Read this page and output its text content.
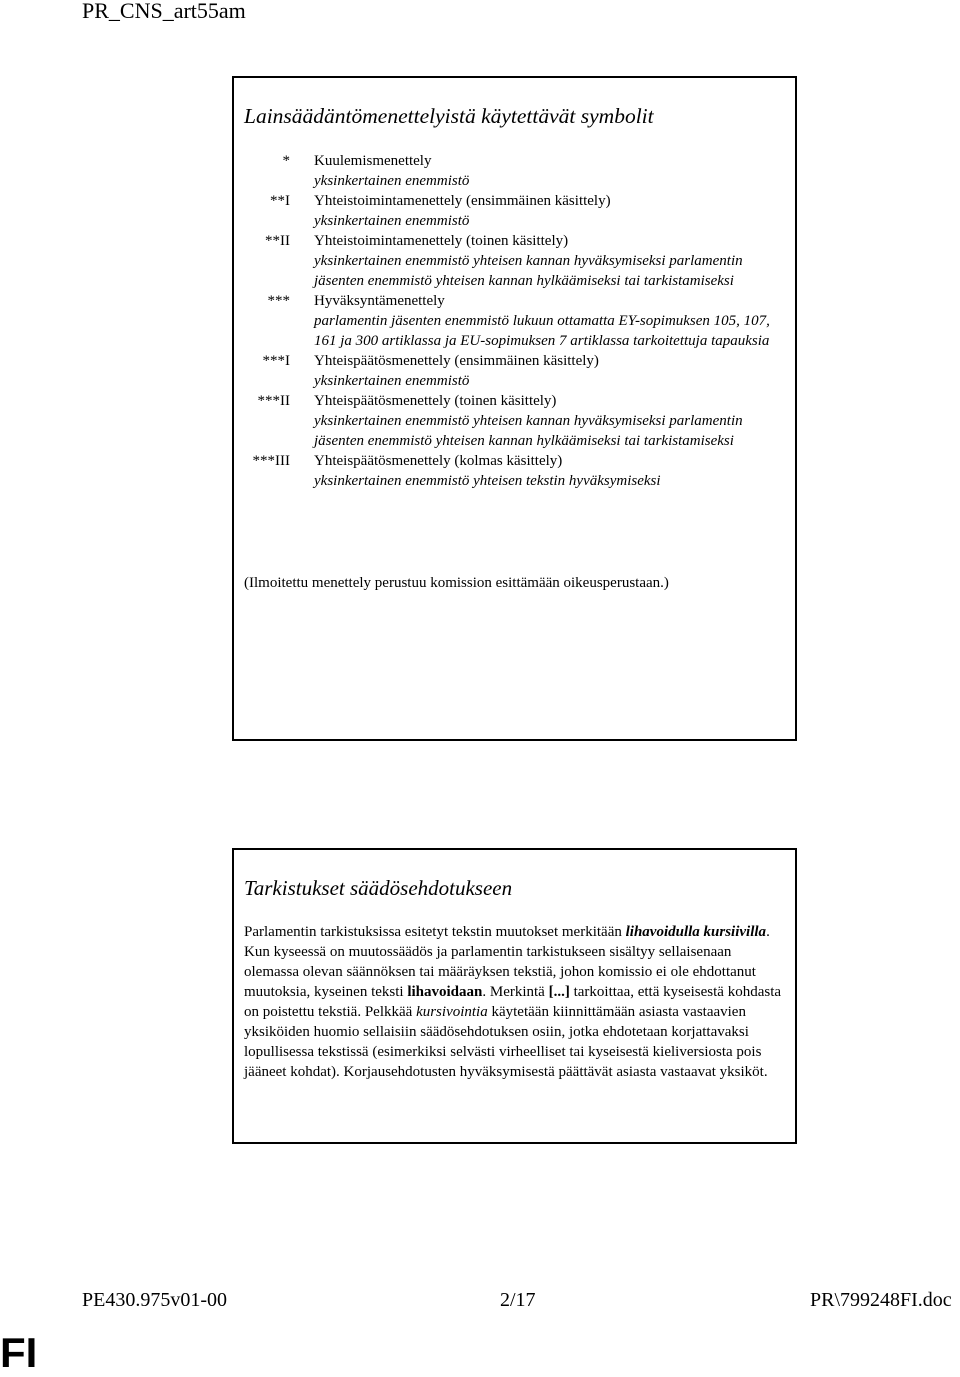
PR_CNS_art55am
Lainsäädäntömenettelyistä käytettävät symbolit
* Kuulemismenettely
yksinkertainen enemmistö
**I Yhteistoimintamenettely (ensimmäinen käsittely)
yksinkertainen enemmistö
**II Yhteistoimintamenettely (toinen käsittely)
yksinkertainen enemmistö yhteisen kannan hyväksymiseksi parlamentin jäsenten enemmistö yhteisen kannan hylkäämiseksi tai tarkistamiseksi
*** Hyväksyntämenettely
parlamentin jäsenten enemmistö lukuun ottamatta EY-sopimuksen 105, 107, 161 ja 300 artiklassa ja EU-sopimuksen 7 artiklassa tarkoitettuja tapauksia
***I Yhteispäätösmenettely (ensimmäinen käsittely)
yksinkertainen enemmistö
***II Yhteispäätösmenettely (toinen käsittely)
yksinkertainen enemmistö yhteisen kannan hyväksymiseksi parlamentin jäsenten enemmistö yhteisen kannan hylkäämiseksi tai tarkistamiseksi
***III Yhteispäätösmenettely (kolmas käsittely)
yksinkertainen enemmistö yhteisen tekstin hyväksymiseksi
(Ilmoitettu menettely perustuu komission esittämään oikeusperustaan.)
Tarkistukset säädösehdotukseen
Parlamentin tarkistuksissa esitetyt tekstin muutokset merkitään lihavoidulla kursiivilla. Kun kyseessä on muutossäädös ja parlamentin tarkistukseen sisältyy sellaisenaan olemassa olevan säännöksen tai määräyksen tekstiä, johon komissio ei ole ehdottanut muutoksia, kyseinen teksti lihavoidaan. Merkintä [...] tarkoittaa, että kyseisestä kohdasta on poistettu tekstiä. Pelkkää kursivointia käytetään kiinnittämään asiasta vastaavien yksiköiden huomio sellaisiin säädösehdotuksen osiin, jotka ehdotetaan korjattavaksi lopullisessa tekstissä (esimerkiksi selvästi virheelliset tai kyseisestä kieliversiosta pois jääneet kohdat). Korjausehdotusten hyväksymisestä päättävät asiasta vastaavat yksiköt.
PE430.975v01-00	2/17	PR\799248FI.doc
FI
